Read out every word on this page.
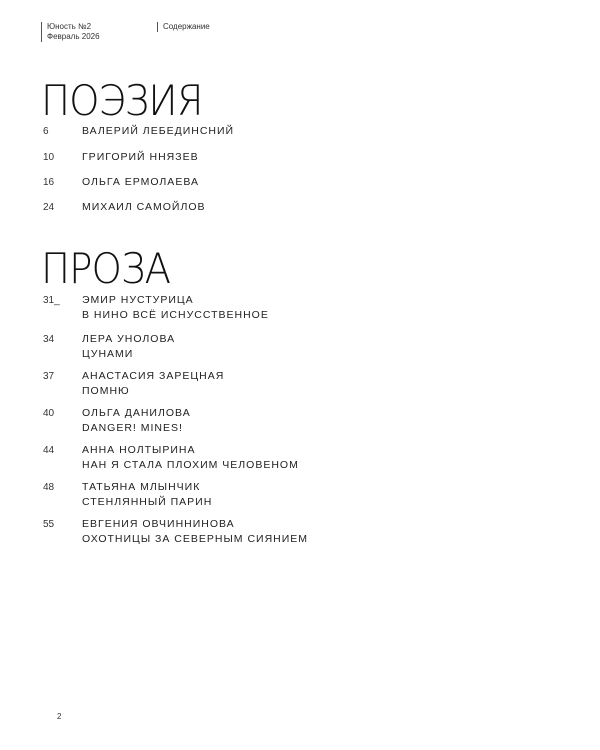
Юность №2
Февраль 2026
Содержание
ПОЭЗИЯ
6	ВАЛЕРИЙ ЛЕБЕДИНСНИЙ
10	ГРИГОРИЙ ННЯЗЕВ
16	ОЛЬГА ЕРМОЛАЕВА
24	МИХАИЛ САМОЙЛОВ
ПРОЗА
31_ ЭМИР НУСТУРИЦА
В НИНО ВСЁ ИСНУССТВЕННОЕ
34	ЛЕРА УНОЛОВА
ЦУНАМИ
37	АНАСТАСИЯ ЗАРЕЦНАЯ
ПОМНЮ
40	ОЛЬГА ДАНИЛОВА
DANGER! MINES!
44	АННА НОЛТЫРИНА
НАН Я СТАЛА ПЛОХИМ ЧЕЛОВЕНОМ
48	ТАТЬЯНА МЛЫНЧИК
СТЕНЛЯННЫЙ ПАРИН
55	ЕВГЕНИЯ ОВЧИННИНОВА
ОХОТНИЦЫ ЗА СЕВЕРНЫМ СИЯНИЕМ
2
